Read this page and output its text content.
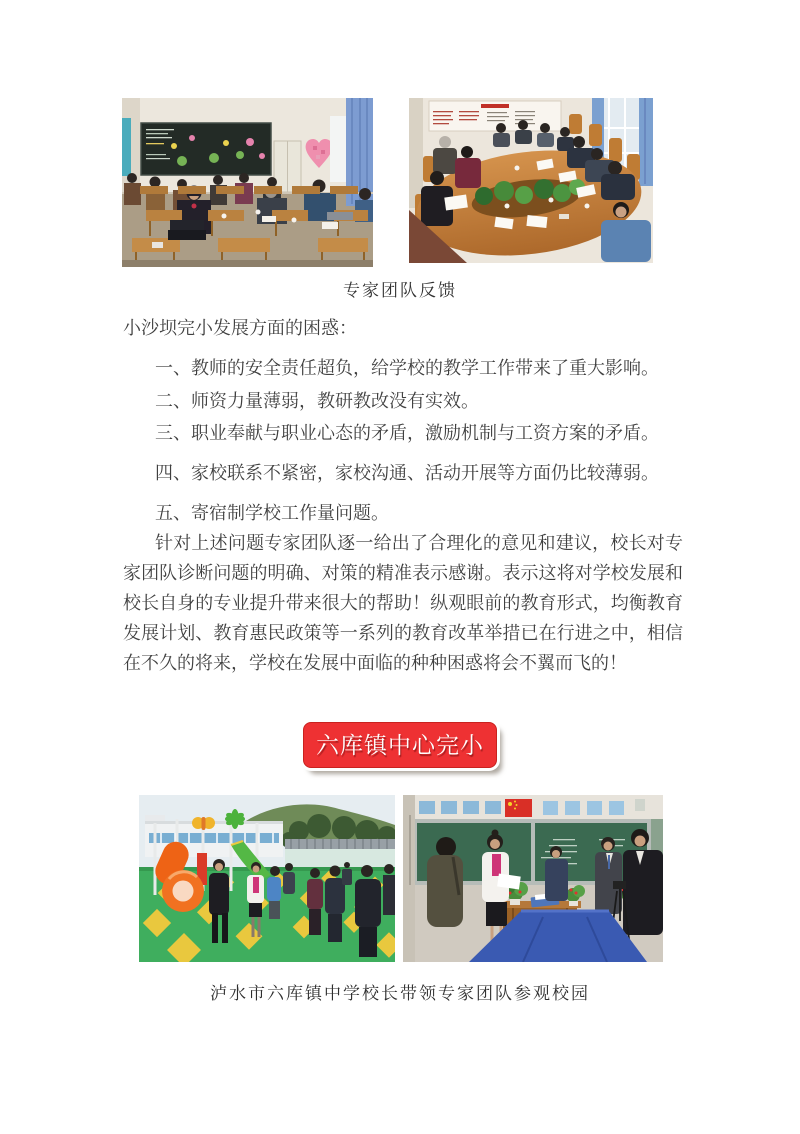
专家团队反馈

小沙坝完小发展方面的困惑：

一、教师的安全责任超负，给学校的教学工作带来了重大影响。

二、师资力量薄弱，教研教改没有实效。

三、职业奉献与职业心态的矛盾，激励机制与工资方案的矛盾。

四、家校联系不紧密，家校沟通、活动开展等方面仍比较薄弱。

五、寄宿制学校工作量问题。

针对上述问题专家团队逐一给出了合理化的意见和建议，校长对专家团队诊断问题的明确、对策的精准表示感谢。表示这将对学校发展和校长自身的专业提升带来很大的帮助！纵观眼前的教育形式，均衡教育发展计划、教育惠民政策等一系列的教育改革举措已在行进之中，相信在不久的将来，学校在发展中面临的种种困惑将会不翼而飞的！

六库镇中心完小
泸水市六库镇中学校长带领专家团队参观校园
